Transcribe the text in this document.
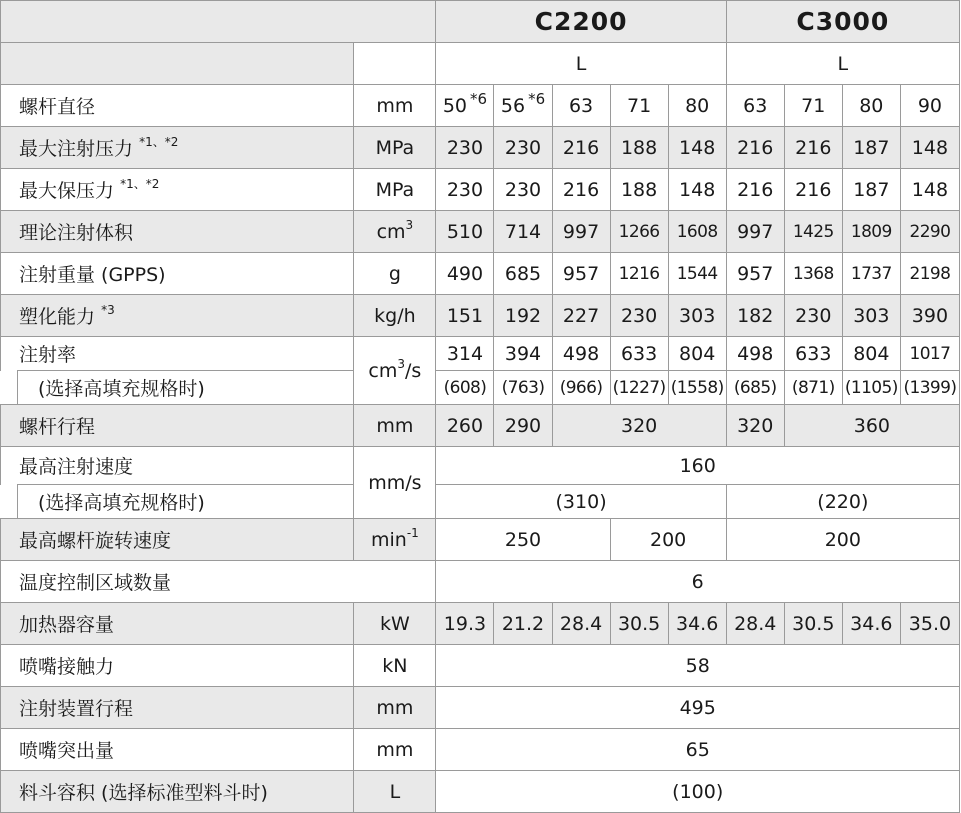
			C2200					C3000			
			L					L			
螺杆直径		mm	50 $^{*6}$	56 $^{*6}$	63	71	80	63	71	80	90
最大注射压力 $^{*1、*2}$		MPa	230	230	216	188	148	216	216	187	148
最大保压力 $^{*1、*2}$		MPa	230	230	216	188	148	216	216	187	148
理论注射体积		$cm^3$	510	714	997	1266	1608	997	1425	1809	2290
注射重量 (GPPS)		g	490	685	957	1216	1544	957	1368	1737	2198
塑化能力 $^{*3}$		kg/h	151	192	227	230	303	182	230	303	390
注射率		$cm^3/s$	314	394	498	633	804	498	633	804	1017
	(选择高填充规格时)		(608)	(763)	(966)	(1227)	(1558)	(685)	(871)	(1105)	(1399)
螺杆行程		mm	260	290	320			320	360		
最高注射速度		mm/s	160								
	(选择高填充规格时)		(310)					(220)			
最高螺杆旋转速度		$\min^{-1}$	250			200		200			
温度控制区域数量			6								
加热器容量		kW	19.3	21.2	28.4	30.5	34.6	28.4	30.5	34.6	35.0
喷嘴接触力		kN	58								
注射装置行程		mm	495								
喷嘴突出量		mm	65								
料斗容积 (选择标准型料斗时)		L	(100)								
